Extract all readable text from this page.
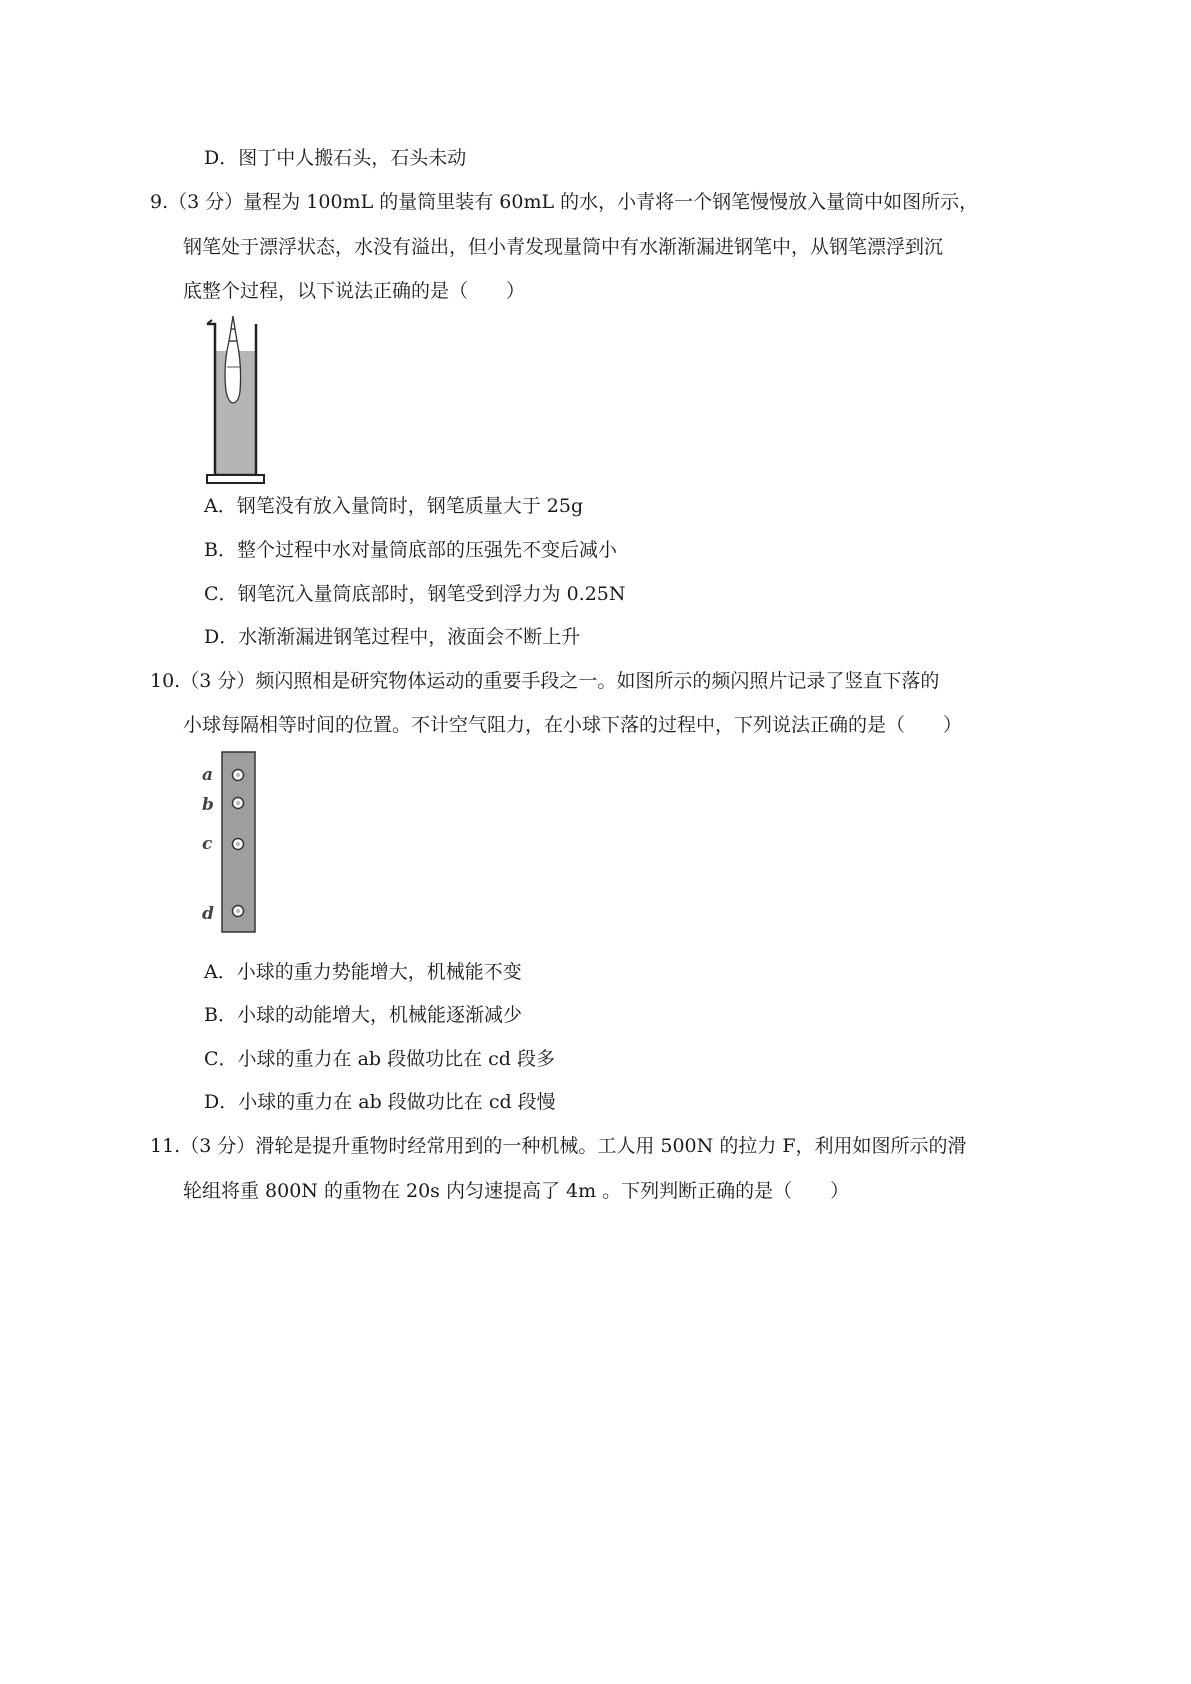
D．图丁中人搬石头，石头未动
9.（3 分）量程为 100mL 的量筒里装有 60mL 的水，小青将一个钢笔慢慢放入量筒中如图所示，
钢笔处于漂浮状态，水没有溢出，但小青发现量筒中有水渐渐漏进钢笔中，从钢笔漂浮到沉
底整个过程，以下说法正确的是（　　）
A．钢笔没有放入量筒时，钢笔质量大于 25g
B．整个过程中水对量筒底部的压强先不变后减小
C．钢笔沉入量筒底部时，钢笔受到浮力为 0.25N
D．水渐渐漏进钢笔过程中，液面会不断上升
10.（3 分）频闪照相是研究物体运动的重要手段之一。如图所示的频闪照片记录了竖直下落的
小球每隔相等时间的位置。不计空气阻力，在小球下落的过程中，下列说法正确的是（　　）
a
b
c
d
A．小球的重力势能增大，机械能不变
B．小球的动能增大，机械能逐渐减少
C．小球的重力在 ab 段做功比在 cd 段多
D．小球的重力在 ab 段做功比在 cd 段慢
11.（3 分）滑轮是提升重物时经常用到的一种机械。工人用 500N 的拉力 F，利用如图所示的滑
轮组将重 800N 的重物在 20s 内匀速提高了 4m 。下列判断正确的是（　　）
